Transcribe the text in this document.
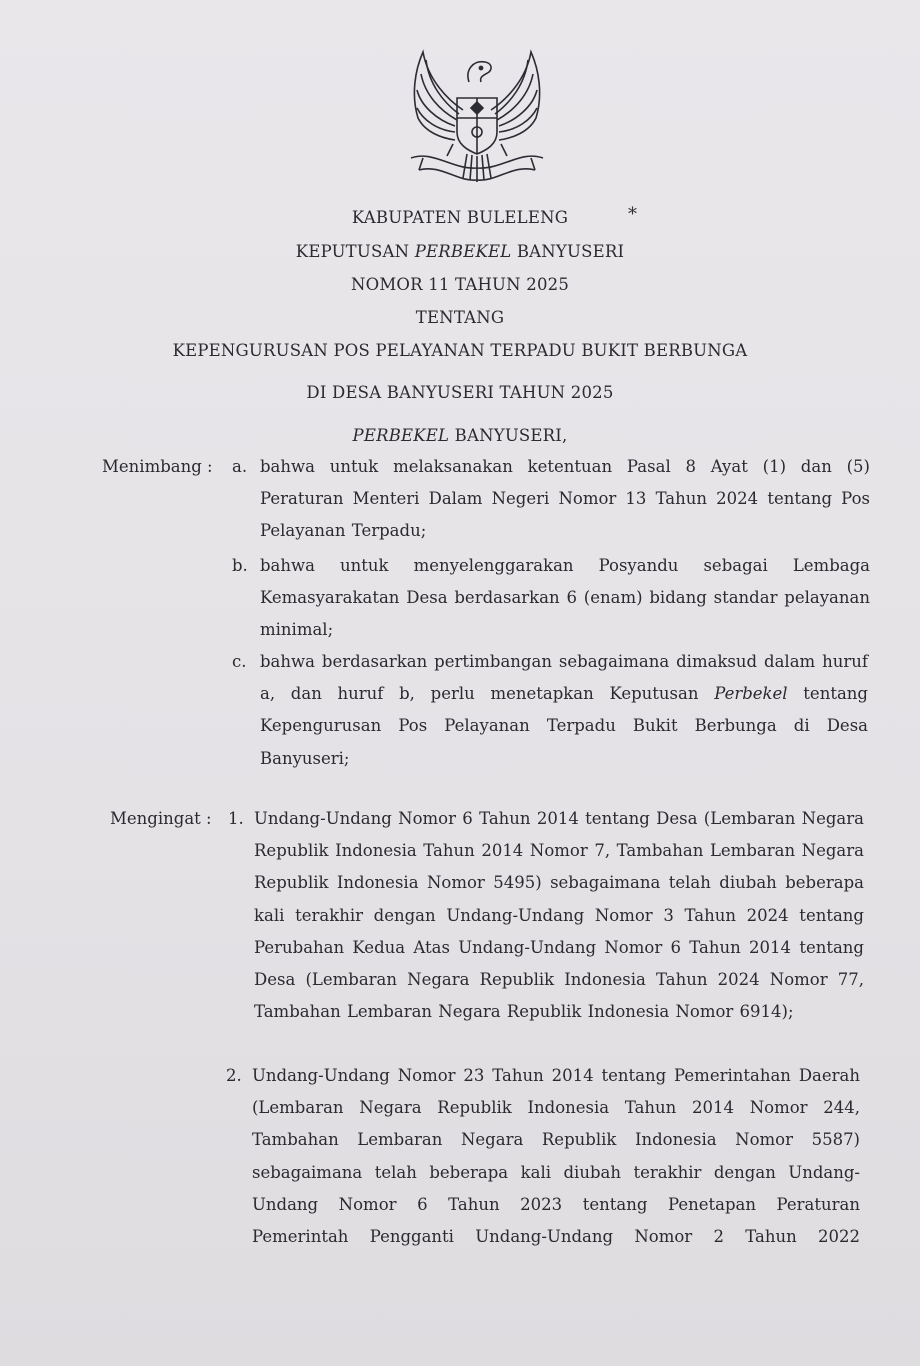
KABUPATEN BULELENG	⁎
KEPUTUSAN PERBEKEL BANYUSERI
NOMOR 11 TAHUN 2025
TENTANG
KEPENGURUSAN POS PELAYANAN TERPADU BUKIT BERBUNGA
DI DESA BANYUSERI TAHUN 2025
PERBEKEL BANYUSERI,
Menimbang : a. bahwa untuk melaksanakan ketentuan Pasal 8 Ayat (1) dan (5) Peraturan Menteri Dalam Negeri Nomor 13 Tahun 2024 tentang Pos Pelayanan Terpadu;
b. bahwa untuk menyelenggarakan Posyandu sebagai Lembaga Kemasyarakatan Desa berdasarkan 6 (enam) bidang standar pelayanan minimal;
c. bahwa berdasarkan pertimbangan sebagaimana dimaksud dalam huruf a, dan huruf b, perlu menetapkan Keputusan Perbekel tentang Kepengurusan Pos Pelayanan Terpadu Bukit Berbunga di Desa Banyuseri;
Mengingat : 1. Undang-Undang Nomor 6 Tahun 2014 tentang Desa (Lembaran Negara Republik Indonesia Tahun 2014 Nomor 7, Tambahan Lembaran Negara Republik Indonesia Nomor 5495) sebagaimana telah diubah beberapa kali terakhir dengan Undang-Undang Nomor 3 Tahun 2024 tentang Perubahan Kedua Atas Undang-Undang Nomor 6 Tahun 2014 tentang Desa (Lembaran Negara Republik Indonesia Tahun 2024 Nomor 77, Tambahan Lembaran Negara Republik Indonesia Nomor 6914);
2. Undang-Undang Nomor 23 Tahun 2014 tentang Pemerintahan Daerah (Lembaran Negara Republik Indonesia Tahun 2014 Nomor 244, Tambahan Lembaran Negara Republik Indonesia Nomor 5587) sebagaimana telah beberapa kali diubah terakhir dengan Undang-Undang Nomor 6 Tahun 2023 tentang Penetapan Peraturan Pemerintah Pengganti Undang-Undang Nomor 2 Tahun 2022
